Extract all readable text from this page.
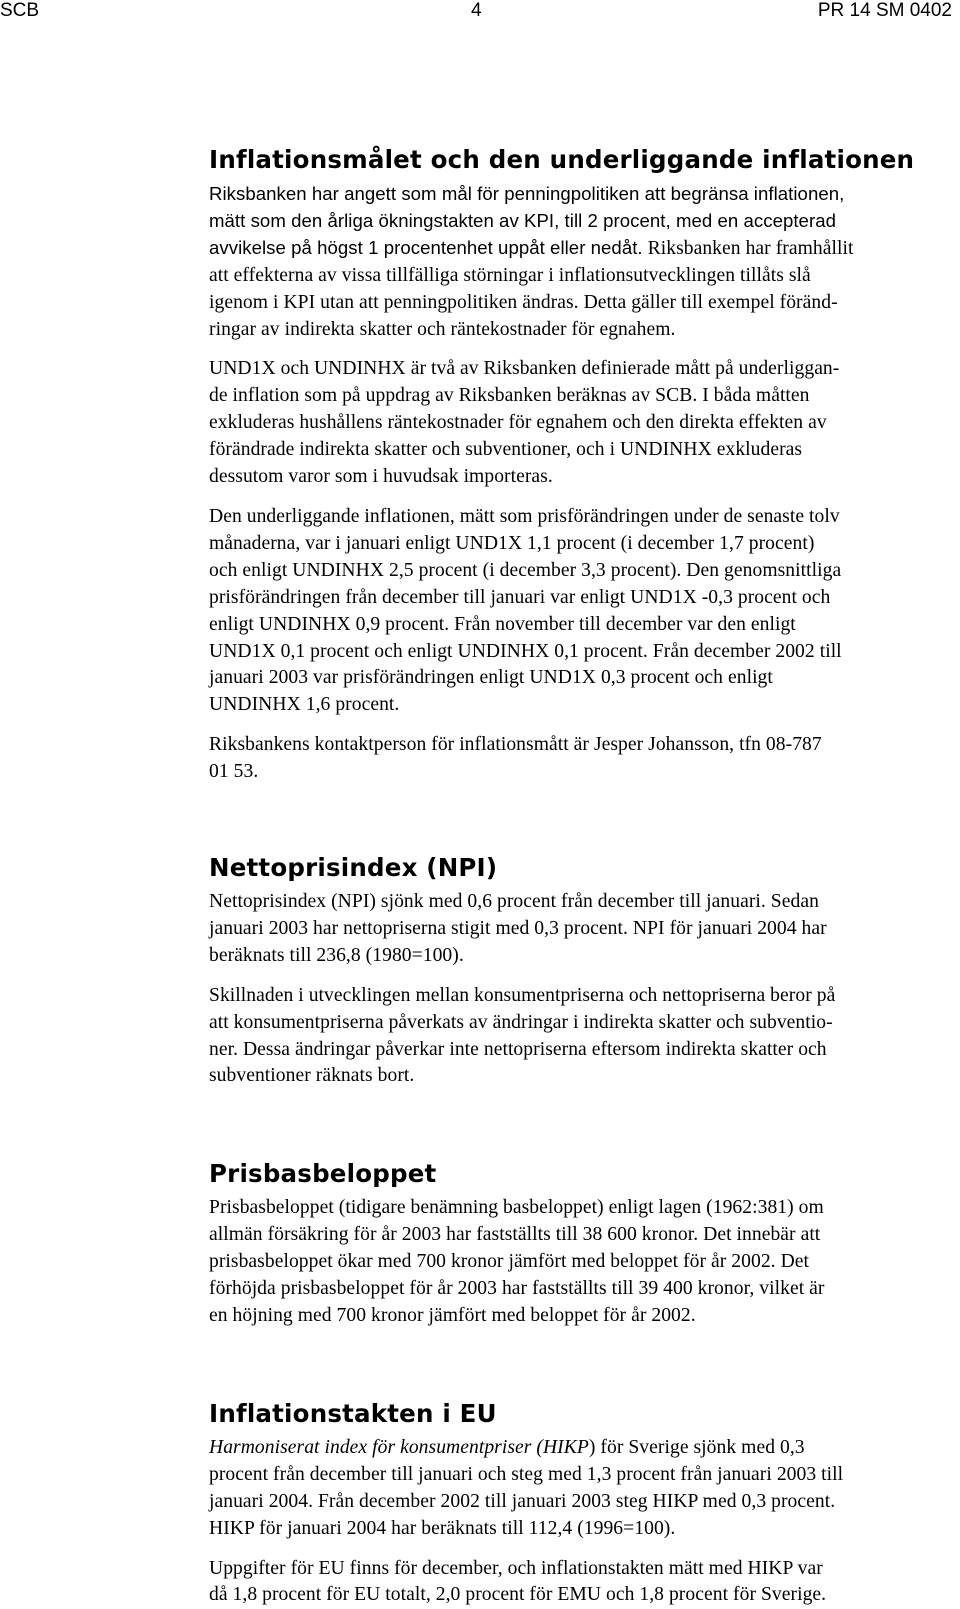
SCB	4	PR 14 SM 0402
Inflationsmålet och den underliggande inflationen

Riksbanken har angett som mål för penningpolitiken att begränsa inflationen,
mätt som den årliga ökningstakten av KPI, till 2 procent, med en accepterad
avvikelse på högst 1 procentenhet uppåt eller nedåt. Riksbanken har framhållit
att effekterna av vissa tillfälliga störningar i inflationsutvecklingen tillåts slå
igenom i KPI utan att penningpolitiken ändras. Detta gäller till exempel föränd-
ringar av indirekta skatter och räntekostnader för egnahem.

UND1X och UNDINHX är två av Riksbanken definierade mått på underliggan-
de inflation som på uppdrag av Riksbanken beräknas av SCB. I båda måtten
exkluderas hushållens räntekostnader för egnahem och den direkta effekten av
förändrade indirekta skatter och subventioner, och i UNDINHX exkluderas
dessutom varor som i huvudsak importeras.

Den underliggande inflationen, mätt som prisförändringen under de senaste tolv
månaderna, var i januari enligt UND1X 1,1 procent (i december 1,7 procent)
och enligt UNDINHX 2,5 procent (i december 3,3 procent). Den genomsnittliga
prisförändringen från december till januari var enligt UND1X -0,3 procent och
enligt UNDINHX 0,9 procent. Från november till december var den enligt
UND1X 0,1 procent och enligt UNDINHX 0,1 procent. Från december 2002 till
januari 2003 var prisförändringen enligt UND1X 0,3 procent och enligt
UNDINHX 1,6 procent.

Riksbankens kontaktperson för inflationsmått är Jesper Johansson, tfn 08-787
01 53.

Nettoprisindex (NPI)

Nettoprisindex (NPI) sjönk med 0,6 procent från december till januari. Sedan
januari 2003 har nettopriserna stigit med 0,3 procent. NPI för januari 2004 har
beräknats till 236,8 (1980=100).

Skillnaden i utvecklingen mellan konsumentpriserna och nettopriserna beror på
att konsumentpriserna påverkats av ändringar i indirekta skatter och subventio-
ner. Dessa ändringar påverkar inte nettopriserna eftersom indirekta skatter och
subventioner räknats bort.

Prisbasbeloppet

Prisbasbeloppet (tidigare benämning basbeloppet) enligt lagen (1962:381) om
allmän försäkring för år 2003 har fastställts till 38 600 kronor. Det innebär att
prisbasbeloppet ökar med 700 kronor jämfört med beloppet för år 2002. Det
förhöjda prisbasbeloppet för år 2003 har fastställts till 39 400 kronor, vilket är
en höjning med 700 kronor jämfört med beloppet för år 2002.

Inflationstakten i EU

Harmoniserat index för konsumentpriser (HIKP) för Sverige sjönk med 0,3
procent från december till januari och steg med 1,3 procent från januari 2003 till
januari 2004. Från december 2002 till januari 2003 steg HIKP med 0,3 procent.
HIKP för januari 2004 har beräknats till 112,4 (1996=100).

Uppgifter för EU finns för december, och inflationstakten mätt med HIKP var
då 1,8 procent för EU totalt, 2,0 procent för EMU och 1,8 procent för Sverige.
